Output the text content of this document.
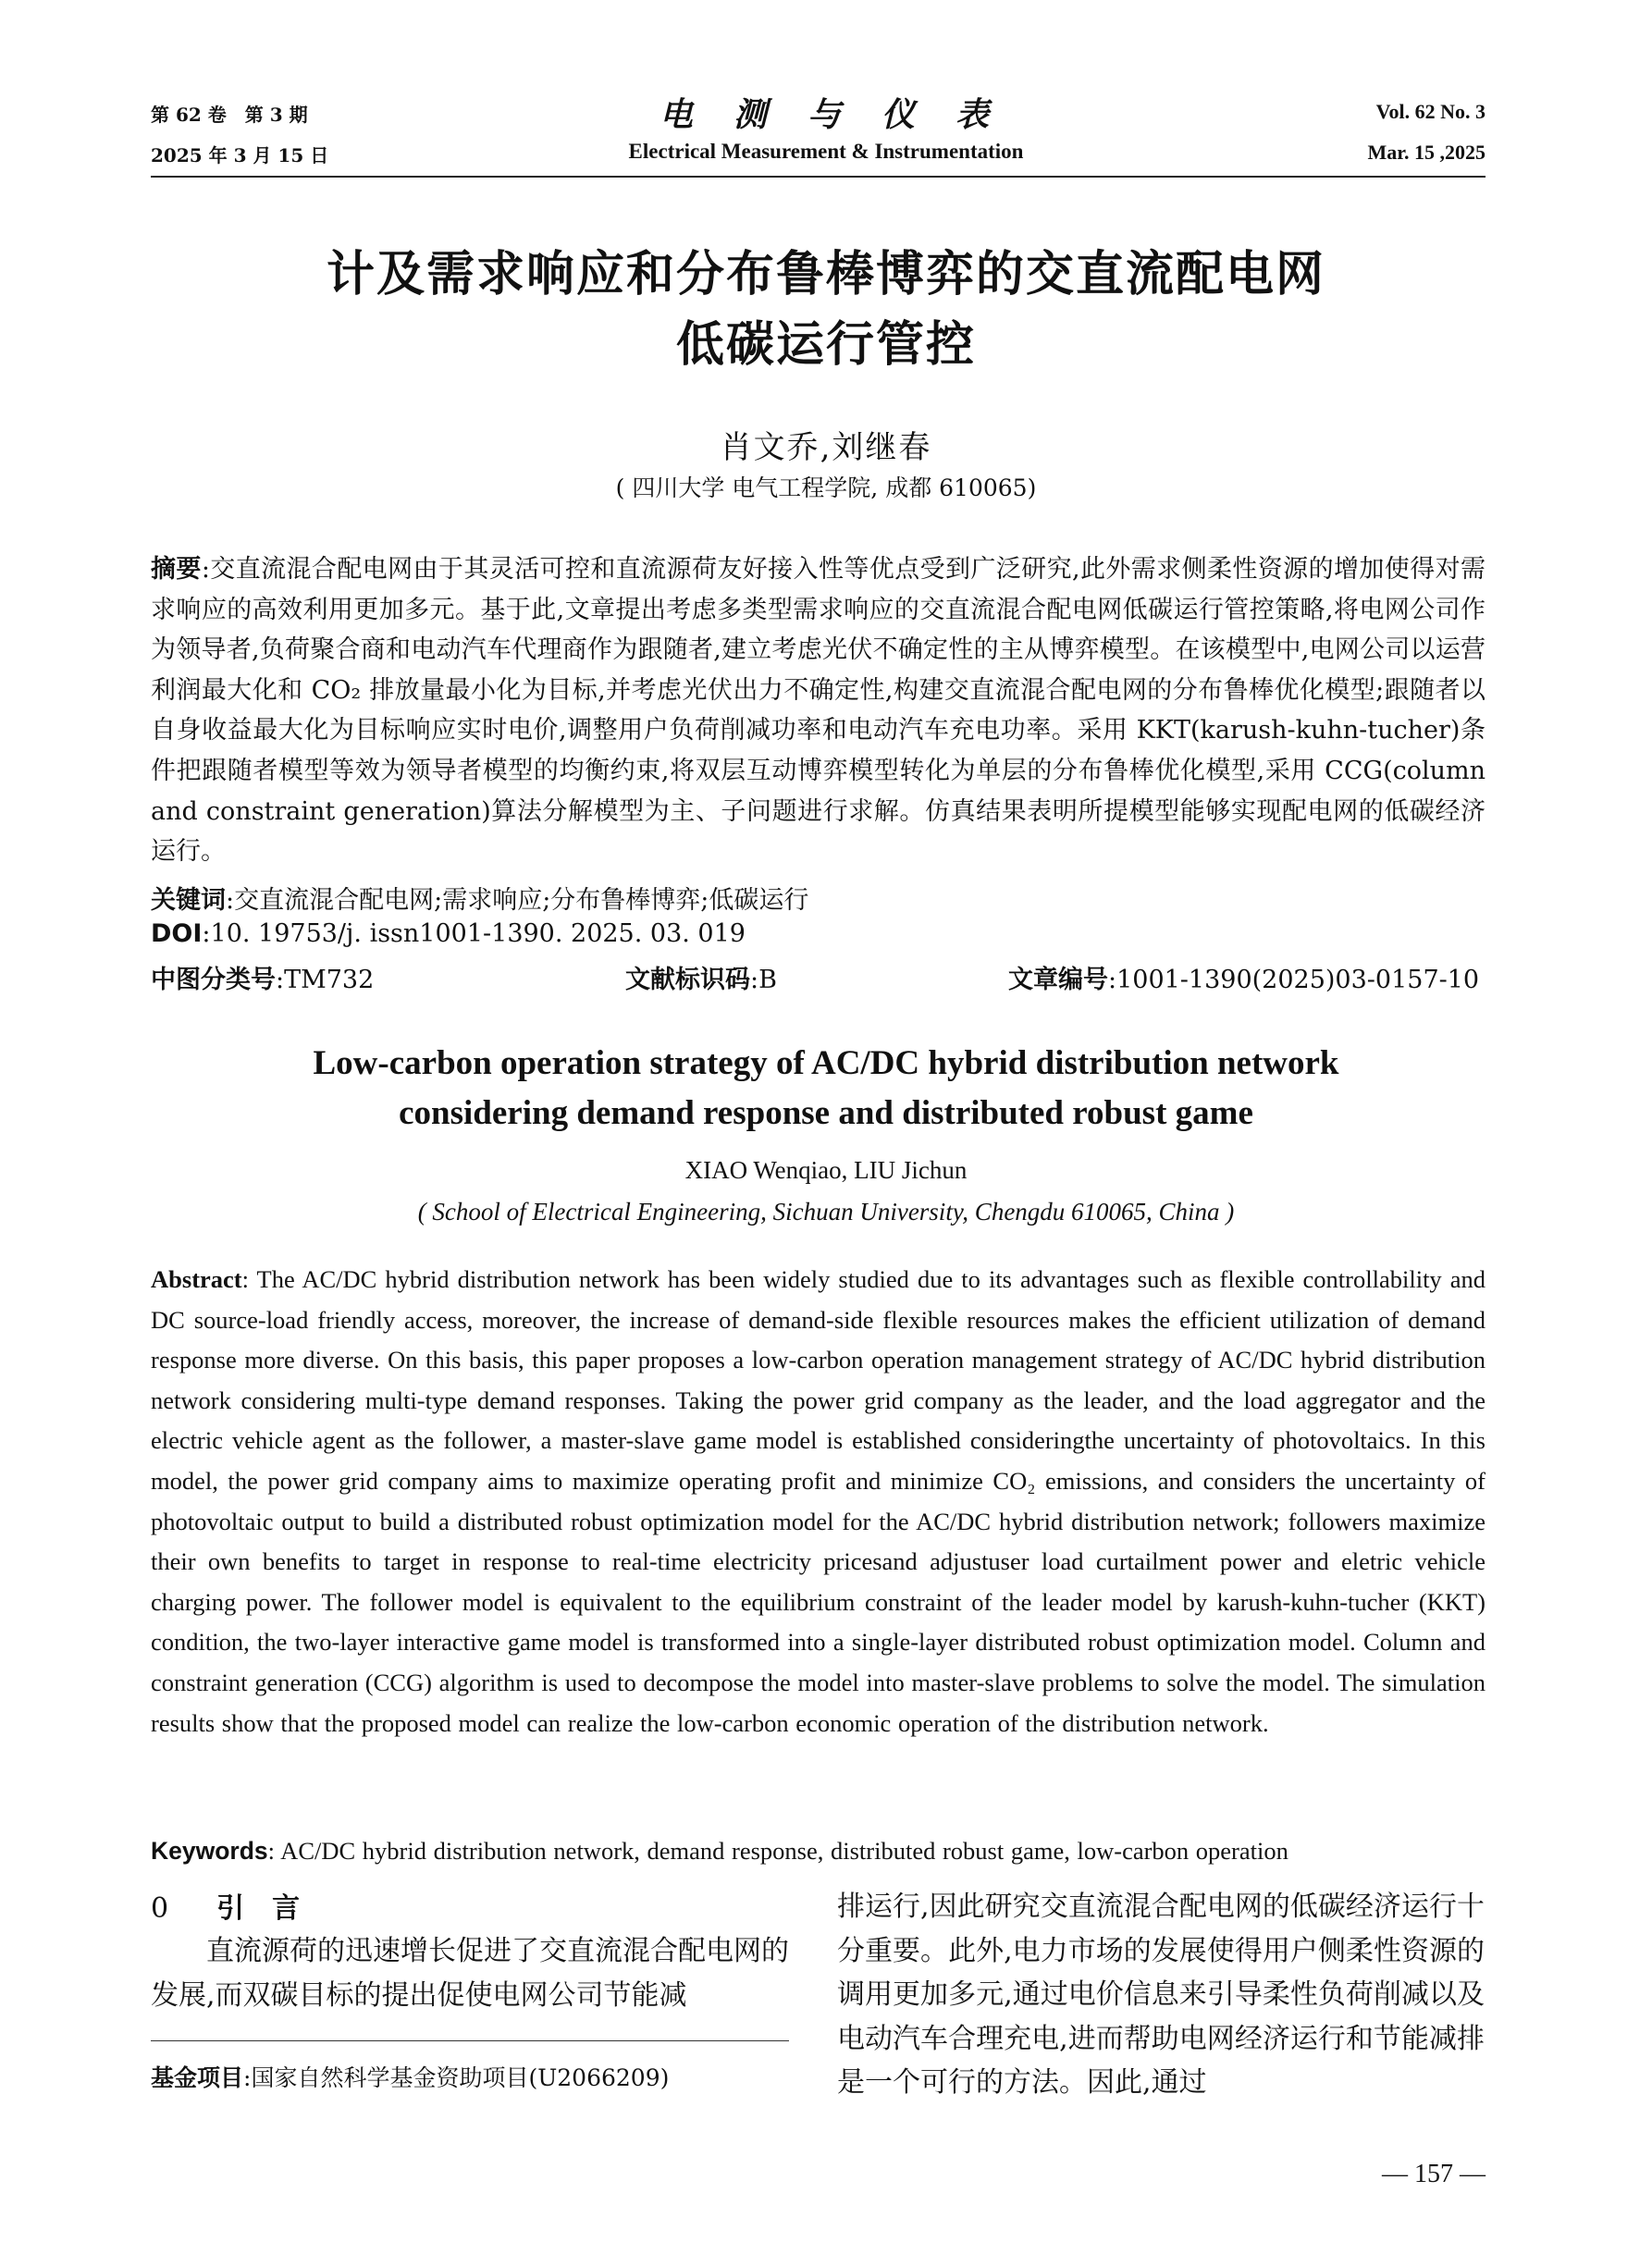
第 62 卷　第 3 期
2025 年 3 月 15 日
电　测　与　仪　表
Electrical Measurement & Instrumentation
Vol. 62 No. 3
Mar. 15 ,2025
计及需求响应和分布鲁棒博弈的交直流配电网
低碳运行管控
肖文乔,刘继春
( 四川大学 电气工程学院, 成都 610065)
摘要:交直流混合配电网由于其灵活可控和直流源荷友好接入性等优点受到广泛研究,此外需求侧柔性资源的增加使得对需求响应的高效利用更加多元。基于此,文章提出考虑多类型需求响应的交直流混合配电网低碳运行管控策略,将电网公司作为领导者,负荷聚合商和电动汽车代理商作为跟随者,建立考虑光伏不确定性的主从博弈模型。在该模型中,电网公司以运营利润最大化和 CO₂ 排放量最小化为目标,并考虑光伏出力不确定性,构建交直流混合配电网的分布鲁棒优化模型;跟随者以自身收益最大化为目标响应实时电价,调整用户负荷削减功率和电动汽车充电功率。采用 KKT(karush-kuhn-tucher)条件把跟随者模型等效为领导者模型的均衡约束,将双层互动博弈模型转化为单层的分布鲁棒优化模型,采用 CCG(column and constraint generation)算法分解模型为主、子问题进行求解。仿真结果表明所提模型能够实现配电网的低碳经济运行。
关键词:交直流混合配电网;需求响应;分布鲁棒博弈;低碳运行
DOI:10. 19753/j. issn1001-1390. 2025. 03. 019
中图分类号:TM732	文献标识码:B	文章编号:1001-1390(2025)03-0157-10
Low-carbon operation strategy of AC/DC hybrid distribution network
considering demand response and distributed robust game
XIAO Wenqiao, LIU Jichun
( School of Electrical Engineering, Sichuan University, Chengdu 610065, China )
Abstract: The AC/DC hybrid distribution network has been widely studied due to its advantages such as flexible controllability and DC source-load friendly access, moreover, the increase of demand-side flexible resources makes the efficient utilization of demand response more diverse. On this basis, this paper proposes a low-carbon operation management strategy of AC/DC hybrid distribution network considering multi-type demand responses. Taking the power grid company as the leader, and the load aggregator and the electric vehicle agent as the follower, a master-slave game model is established consideringthe uncertainty of photovoltaics. In this model, the power grid company aims to maximize operating profit and minimize CO₂ emissions, and considers the uncertainty of photovoltaic output to build a distributed robust optimization model for the AC/DC hybrid distribution network; followers maximize their own benefits to target in response to real-time electricity pricesand adjustuser load curtailment power and eletric vehicle charging power. The follower model is equivalent to the equilibrium constraint of the leader model by karush-kuhn-tucher (KKT) condition, the two-layer interactive game model is transformed into a single-layer distributed robust optimization model. Column and constraint generation (CCG) algorithm is used to decompose the model into master-slave problems to solve the model. The simulation results show that the proposed model can realize the low-carbon economic operation of the distribution network.
Keywords: AC/DC hybrid distribution network, demand response, distributed robust game, low-carbon operation
0 引　言
直流源荷的迅速增长促进了交直流混合配电网的发展,而双碳目标的提出促使电网公司节能减
基金项目:国家自然科学基金资助项目(U2066209)
排运行,因此研究交直流混合配电网的低碳经济运行十分重要。此外,电力市场的发展使得用户侧柔性资源的调用更加多元,通过电价信息来引导柔性负荷削减以及电动汽车合理充电,进而帮助电网经济运行和节能减排是一个可行的方法。因此,通过
— 157 —
